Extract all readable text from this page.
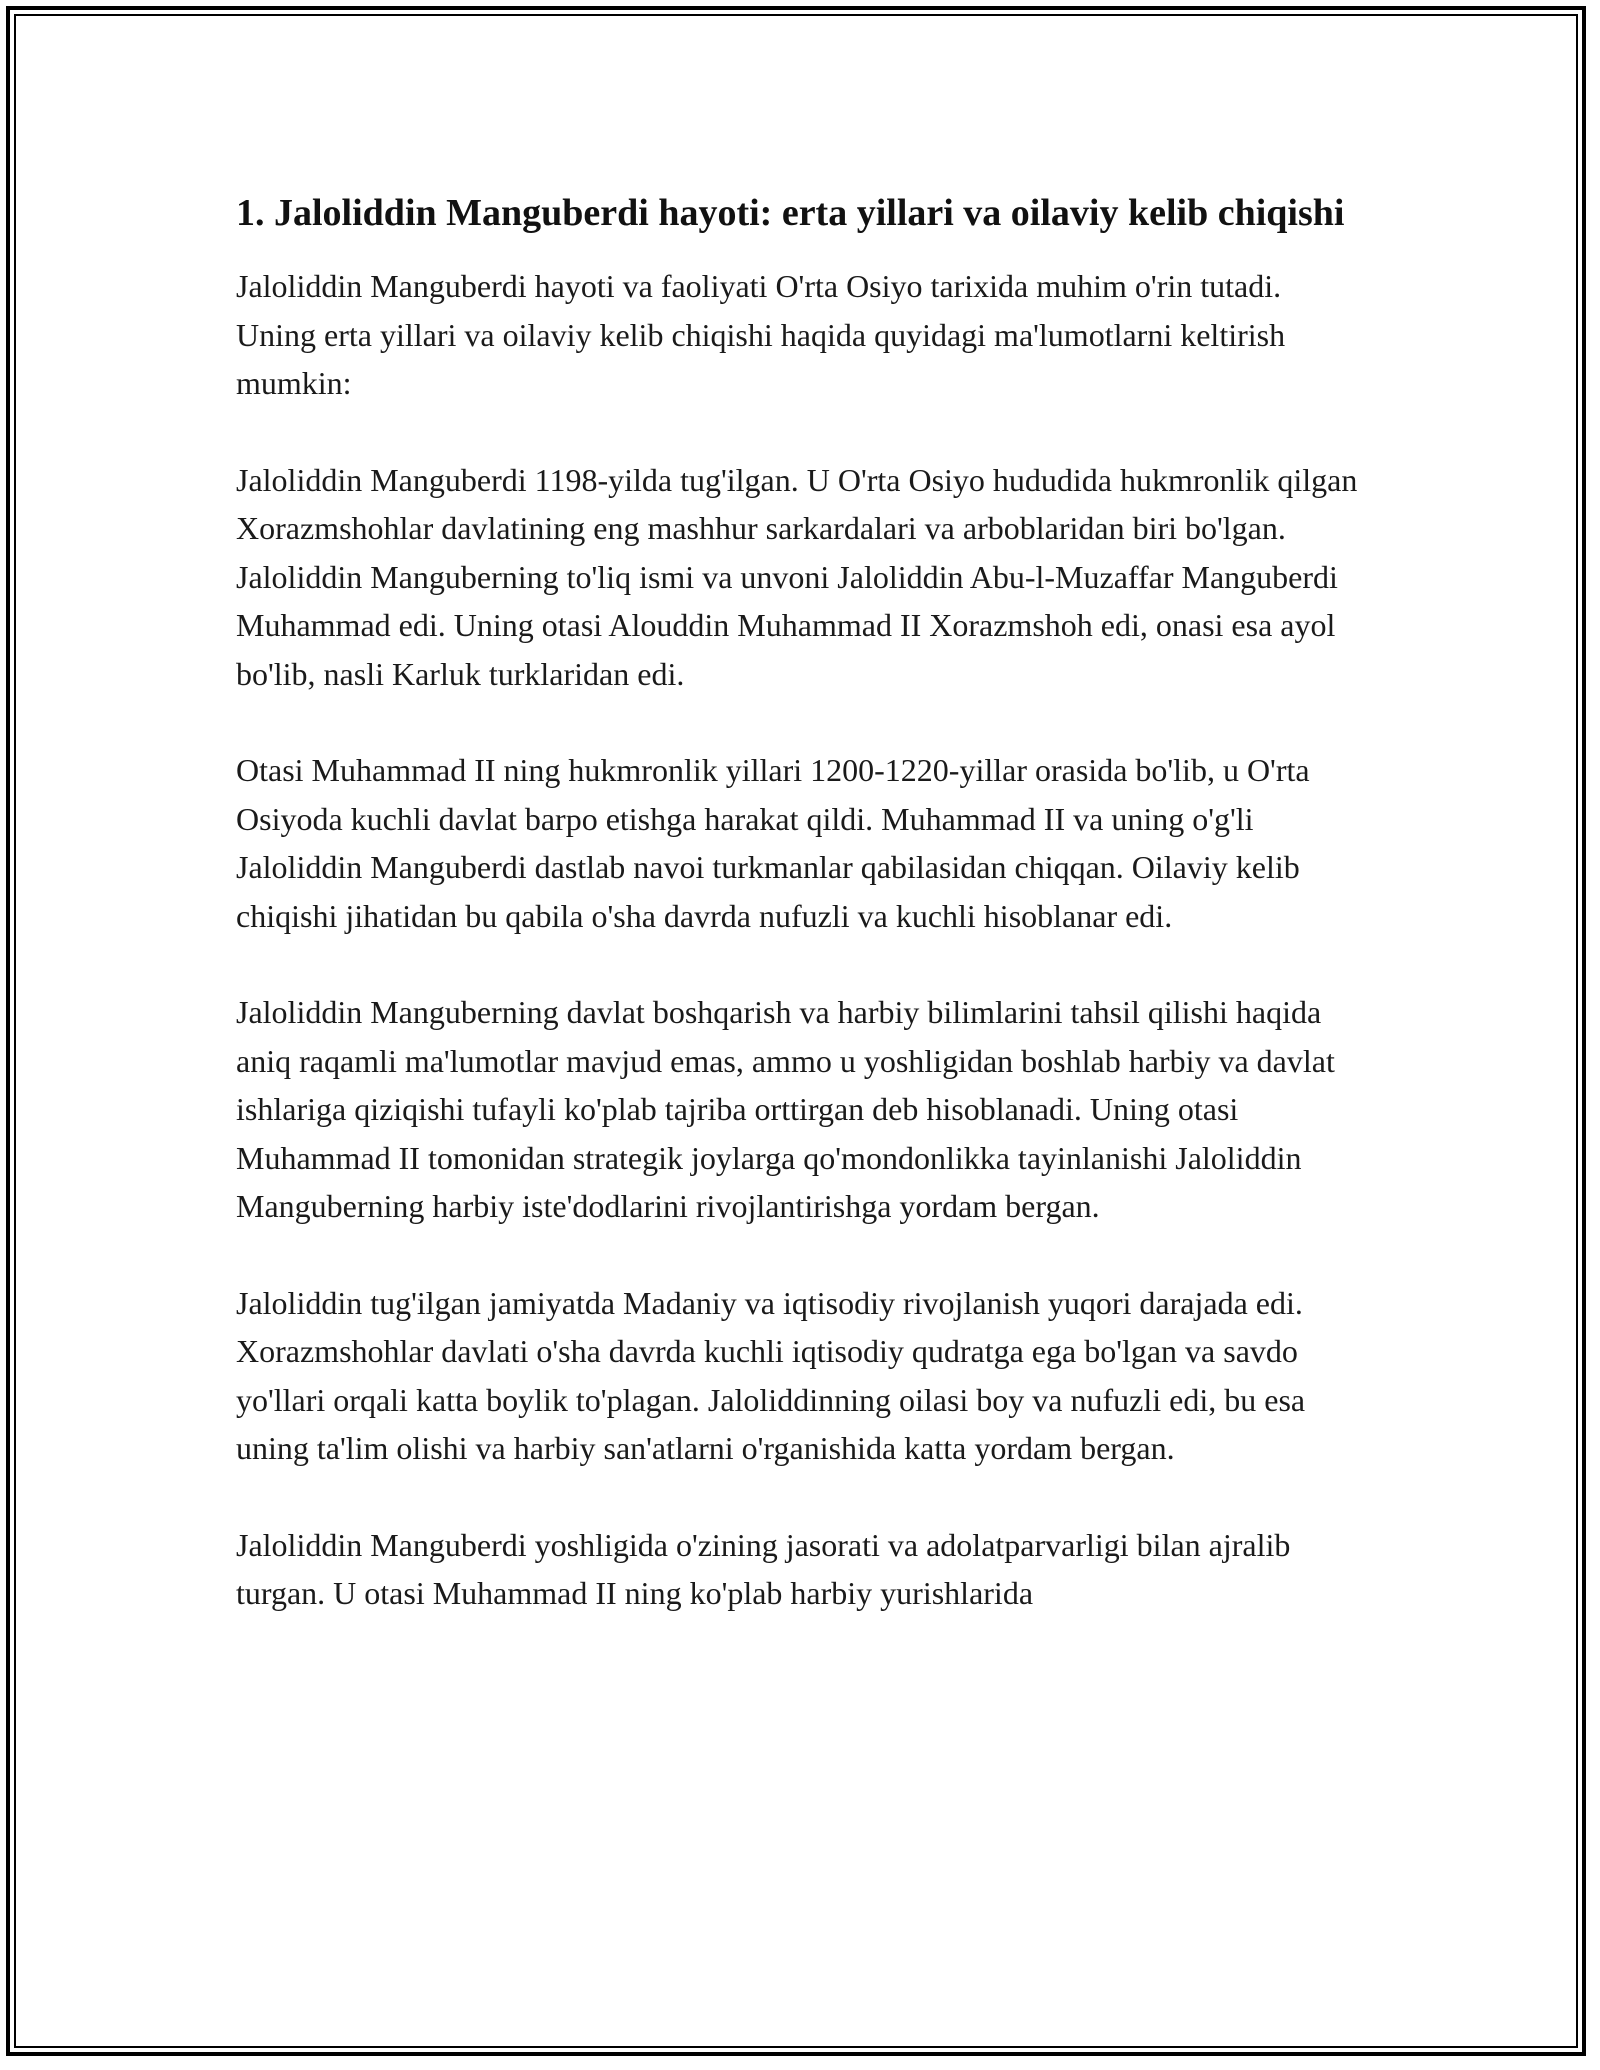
1. Jaloliddin Manguberdi hayoti: erta yillari va oilaviy kelib chiqishi

Jaloliddin Manguberdi hayoti va faoliyati O'rta Osiyo tarixida muhim o'rin tutadi. Uning erta yillari va oilaviy kelib chiqishi haqida quyidagi ma'lumotlarni keltirish mumkin:

Jaloliddin Manguberdi 1198-yilda tug'ilgan. U O'rta Osiyo hududida hukmronlik qilgan Xorazmshohlar davlatining eng mashhur sarkardalari va arboblaridan biri bo'lgan. Jaloliddin Manguberning to'liq ismi va unvoni Jaloliddin Abu-l-Muzaffar Manguberdi Muhammad edi. Uning otasi Alouddin Muhammad II Xorazmshoh edi, onasi esa ayol bo'lib, nasli Karluk turklaridan edi.

Otasi Muhammad II ning hukmronlik yillari 1200-1220-yillar orasida bo'lib, u O'rta Osiyoda kuchli davlat barpo etishga harakat qildi. Muhammad II va uning o'g'li Jaloliddin Manguberdi dastlab navoi turkmanlar qabilasidan chiqqan. Oilaviy kelib chiqishi jihatidan bu qabila o'sha davrda nufuzli va kuchli hisoblanar edi.

Jaloliddin Manguberning davlat boshqarish va harbiy bilimlarini tahsil qilishi haqida aniq raqamli ma'lumotlar mavjud emas, ammo u yoshligidan boshlab harbiy va davlat ishlariga qiziqishi tufayli ko'plab tajriba orttirgan deb hisoblanadi. Uning otasi Muhammad II tomonidan strategik joylarga qo'mondonlikka tayinlanishi Jaloliddin Manguberning harbiy iste'dodlarini rivojlantirishga yordam bergan.

Jaloliddin tug'ilgan jamiyatda Madaniy va iqtisodiy rivojlanish yuqori darajada edi. Xorazmshohlar davlati o'sha davrda kuchli iqtisodiy qudratga ega bo'lgan va savdo yo'llari orqali katta boylik to'plagan. Jaloliddinning oilasi boy va nufuzli edi, bu esa uning ta'lim olishi va harbiy san'atlarni o'rganishida katta yordam bergan.

Jaloliddin Manguberdi yoshligida o'zining jasorati va adolatparvarligi bilan ajralib turgan. U otasi Muhammad II ning ko'plab harbiy yurishlarida
